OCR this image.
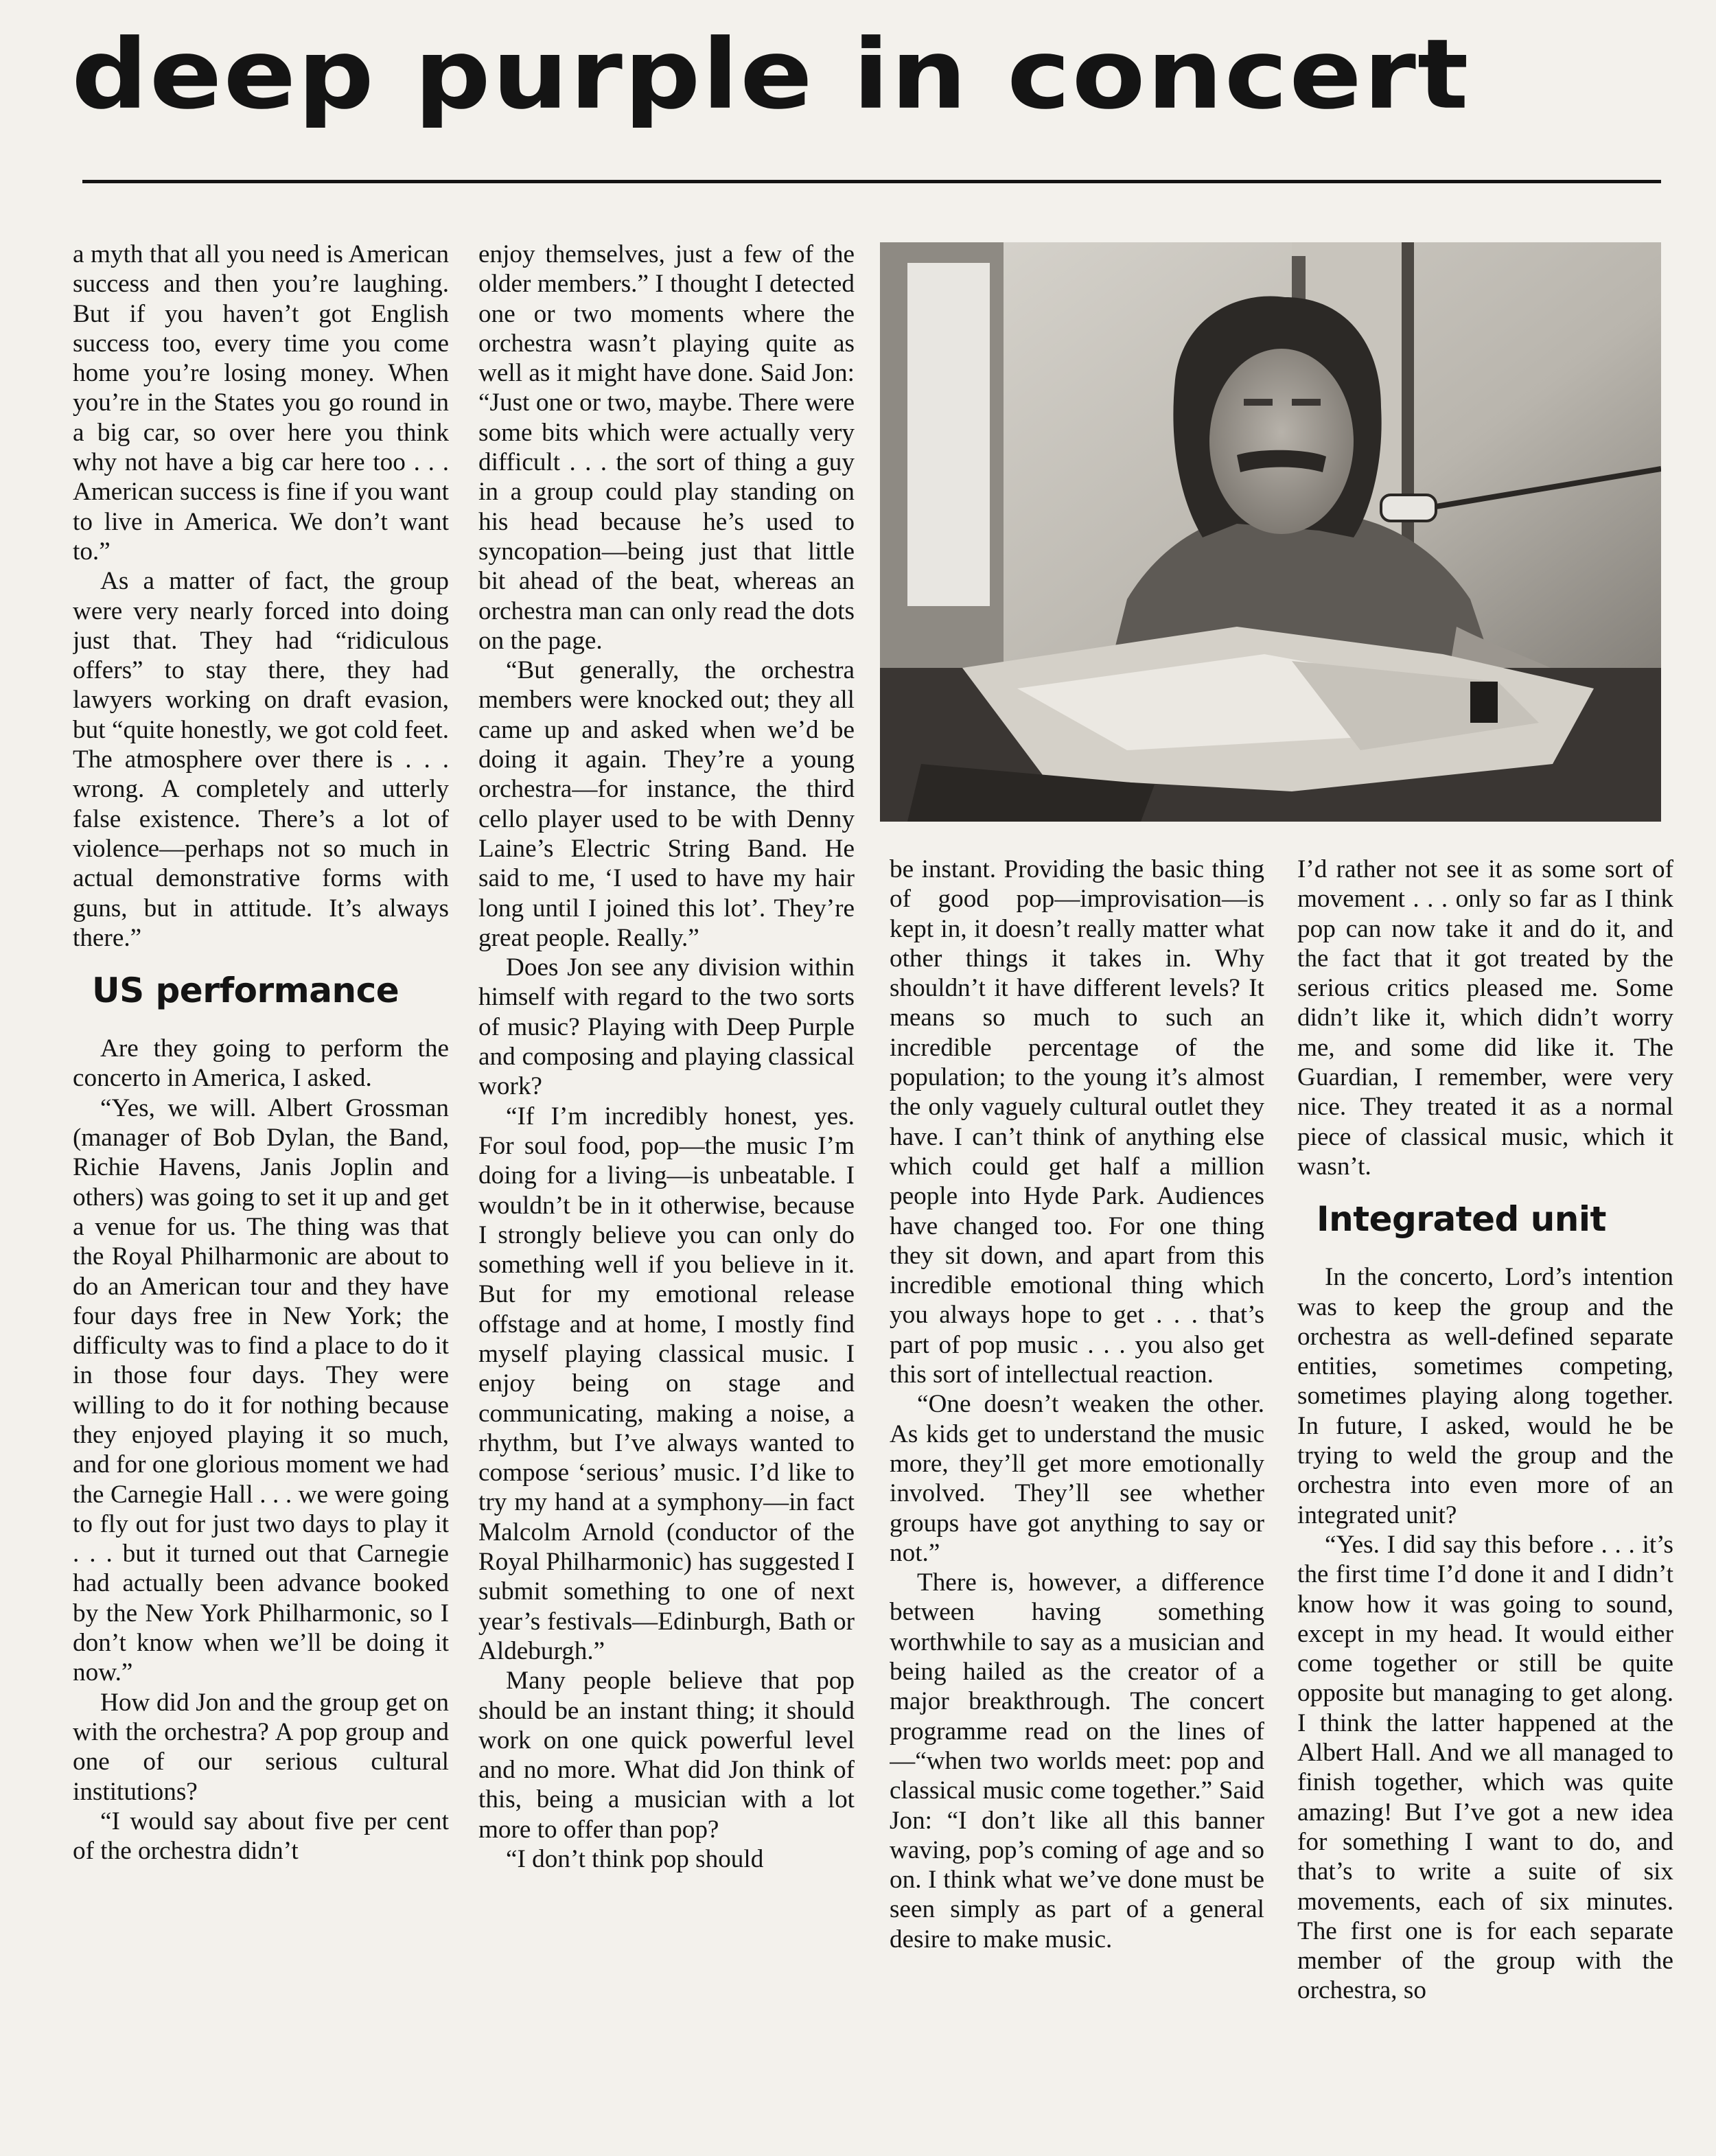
deep purple in concert

a myth that all you need is American success and then you’re laughing. But if you haven’t got English success too, every time you come home you’re losing money. When you’re in the States you go round in a big car, so over here you think why not have a big car here too . . . American success is fine if you want to live in America. We don’t want to.”

As a matter of fact, the group were very nearly forced into doing just that. They had “ridiculous offers” to stay there, they had lawyers working on draft evasion, but “quite honestly, we got cold feet. The atmosphere over there is . . . wrong. A completely and utterly false existence. There’s a lot of violence—perhaps not so much in actual demonstrative forms with guns, but in attitude. It’s always there.”

US performance

Are they going to perform the concerto in America, I asked.

“Yes, we will. Albert Grossman (manager of Bob Dylan, the Band, Richie Havens, Janis Joplin and others) was going to set it up and get a venue for us. The thing was that the Royal Philharmonic are about to do an American tour and they have four days free in New York; the difficulty was to find a place to do it in those four days. They were willing to do it for nothing because they enjoyed playing it so much, and for one glorious moment we had the Carnegie Hall . . . we were going to fly out for just two days to play it . . . but it turned out that Carnegie had actually been advance booked by the New York Philharmonic, so I don’t know when we’ll be doing it now.”

How did Jon and the group get on with the orchestra? A pop group and one of our serious cultural institutions?

“I would say about five per cent of the orchestra didn’t

enjoy themselves, just a few of the older members.” I thought I detected one or two moments where the orchestra wasn’t playing quite as well as it might have done. Said Jon: “Just one or two, maybe. There were some bits which were actually very difficult . . . the sort of thing a guy in a group could play standing on his head because he’s used to syncopation—being just that little bit ahead of the beat, whereas an orchestra man can only read the dots on the page.

“But generally, the orchestra members were knocked out; they all came up and asked when we’d be doing it again. They’re a young orchestra—for instance, the third cello player used to be with Denny Laine’s Electric String Band. He said to me, ‘I used to have my hair long until I joined this lot’. They’re great people. Really.”

Does Jon see any division within himself with regard to the two sorts of music? Playing with Deep Purple and composing and playing classical work?

“If I’m incredibly honest, yes. For soul food, pop—the music I’m doing for a living—is unbeatable. I wouldn’t be in it otherwise, because I strongly believe you can only do something well if you believe in it. But for my emotional release offstage and at home, I mostly find myself playing classical music. I enjoy being on stage and communicating, making a noise, a rhythm, but I’ve always wanted to compose ‘serious’ music. I’d like to try my hand at a symphony—in fact Malcolm Arnold (conductor of the Royal Philharmonic) has suggested I submit something to one of next year’s festivals—Edinburgh, Bath or Aldeburgh.”

Many people believe that pop should be an instant thing; it should work on one quick powerful level and no more. What did Jon think of this, being a musician with a lot more to offer than pop?

“I don’t think pop should

be instant. Providing the basic thing of good pop—improvisation—is kept in, it doesn’t really matter what other things it takes in. Why shouldn’t it have different levels? It means so much to such an incredible percentage of the population; to the young it’s almost the only vaguely cultural outlet they have. I can’t think of anything else which could get half a million people into Hyde Park. Audiences have changed too. For one thing they sit down, and apart from this incredible emotional thing which you always hope to get . . . that’s part of pop music . . . you also get this sort of intellectual reaction.

“One doesn’t weaken the other. As kids get to understand the music more, they’ll get more emotionally involved. They’ll see whether groups have got anything to say or not.”

There is, however, a difference between having something worthwhile to say as a musician and being hailed as the creator of a major breakthrough. The concert programme read on the lines of—“when two worlds meet: pop and classical music come together.” Said Jon: “I don’t like all this banner waving, pop’s coming of age and so on. I think what we’ve done must be seen simply as part of a general desire to make music.

I’d rather not see it as some sort of movement . . . only so far as I think pop can now take it and do it, and the fact that it got treated by the serious critics pleased me. Some didn’t like it, which didn’t worry me, and some did like it. The Guardian, I remember, were very nice. They treated it as a normal piece of classical music, which it wasn’t.

Integrated unit

In the concerto, Lord’s intention was to keep the group and the orchestra as well-defined separate entities, sometimes competing, sometimes playing along together. In future, I asked, would he be trying to weld the group and the orchestra into even more of an integrated unit?

“Yes. I did say this before . . . it’s the first time I’d done it and I didn’t know how it was going to sound, except in my head. It would either come together or still be quite opposite but managing to get along. I think the latter happened at the Albert Hall. And we all managed to finish together, which was quite amazing! But I’ve got a new idea for something I want to do, and that’s to write a suite of six movements, each of six minutes. The first one is for each separate member of the group with the orchestra, so
